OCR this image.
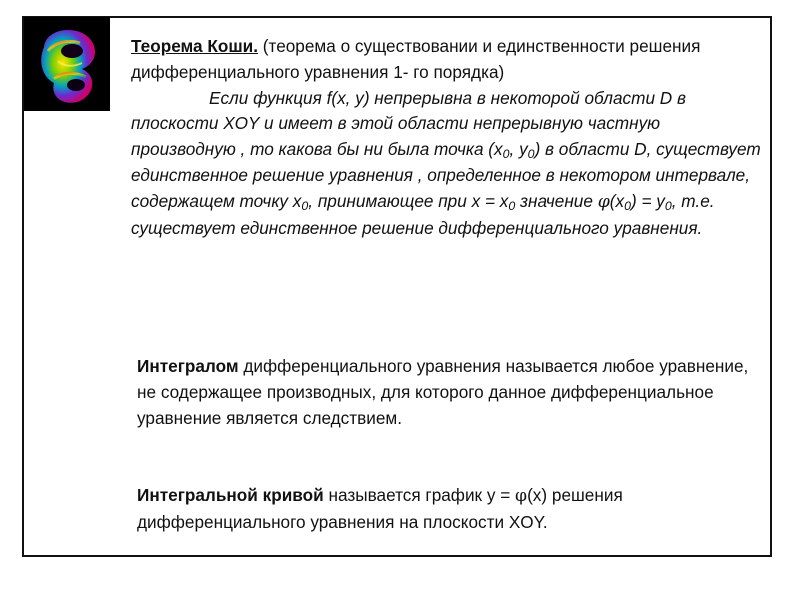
Теорема Коши. (теорема о существовании и единственности решения дифференциального уравнения 1- го порядка)
Если функция f(x, y) непрерывна в некоторой области D в плоскости XOY и имеет в этой области непрерывную частную производную , то какова бы ни была точка ($x_0$, $y_0$) в области D, существует единственное решение уравнения , определенное в некотором интервале, содержащем точку $x_0$, принимающее при $x = x_0$ значение $\varphi(x_0) = y_0$, т.е. существует единственное решение дифференциального уравнения.
Интегралом дифференциального уравнения называется любое уравнение, не содержащее производных, для которого данное дифференциальное уравнение является следствием.
Интегральной кривой называется график y = φ(x) решения дифференциального уравнения на плоскости XOY.
